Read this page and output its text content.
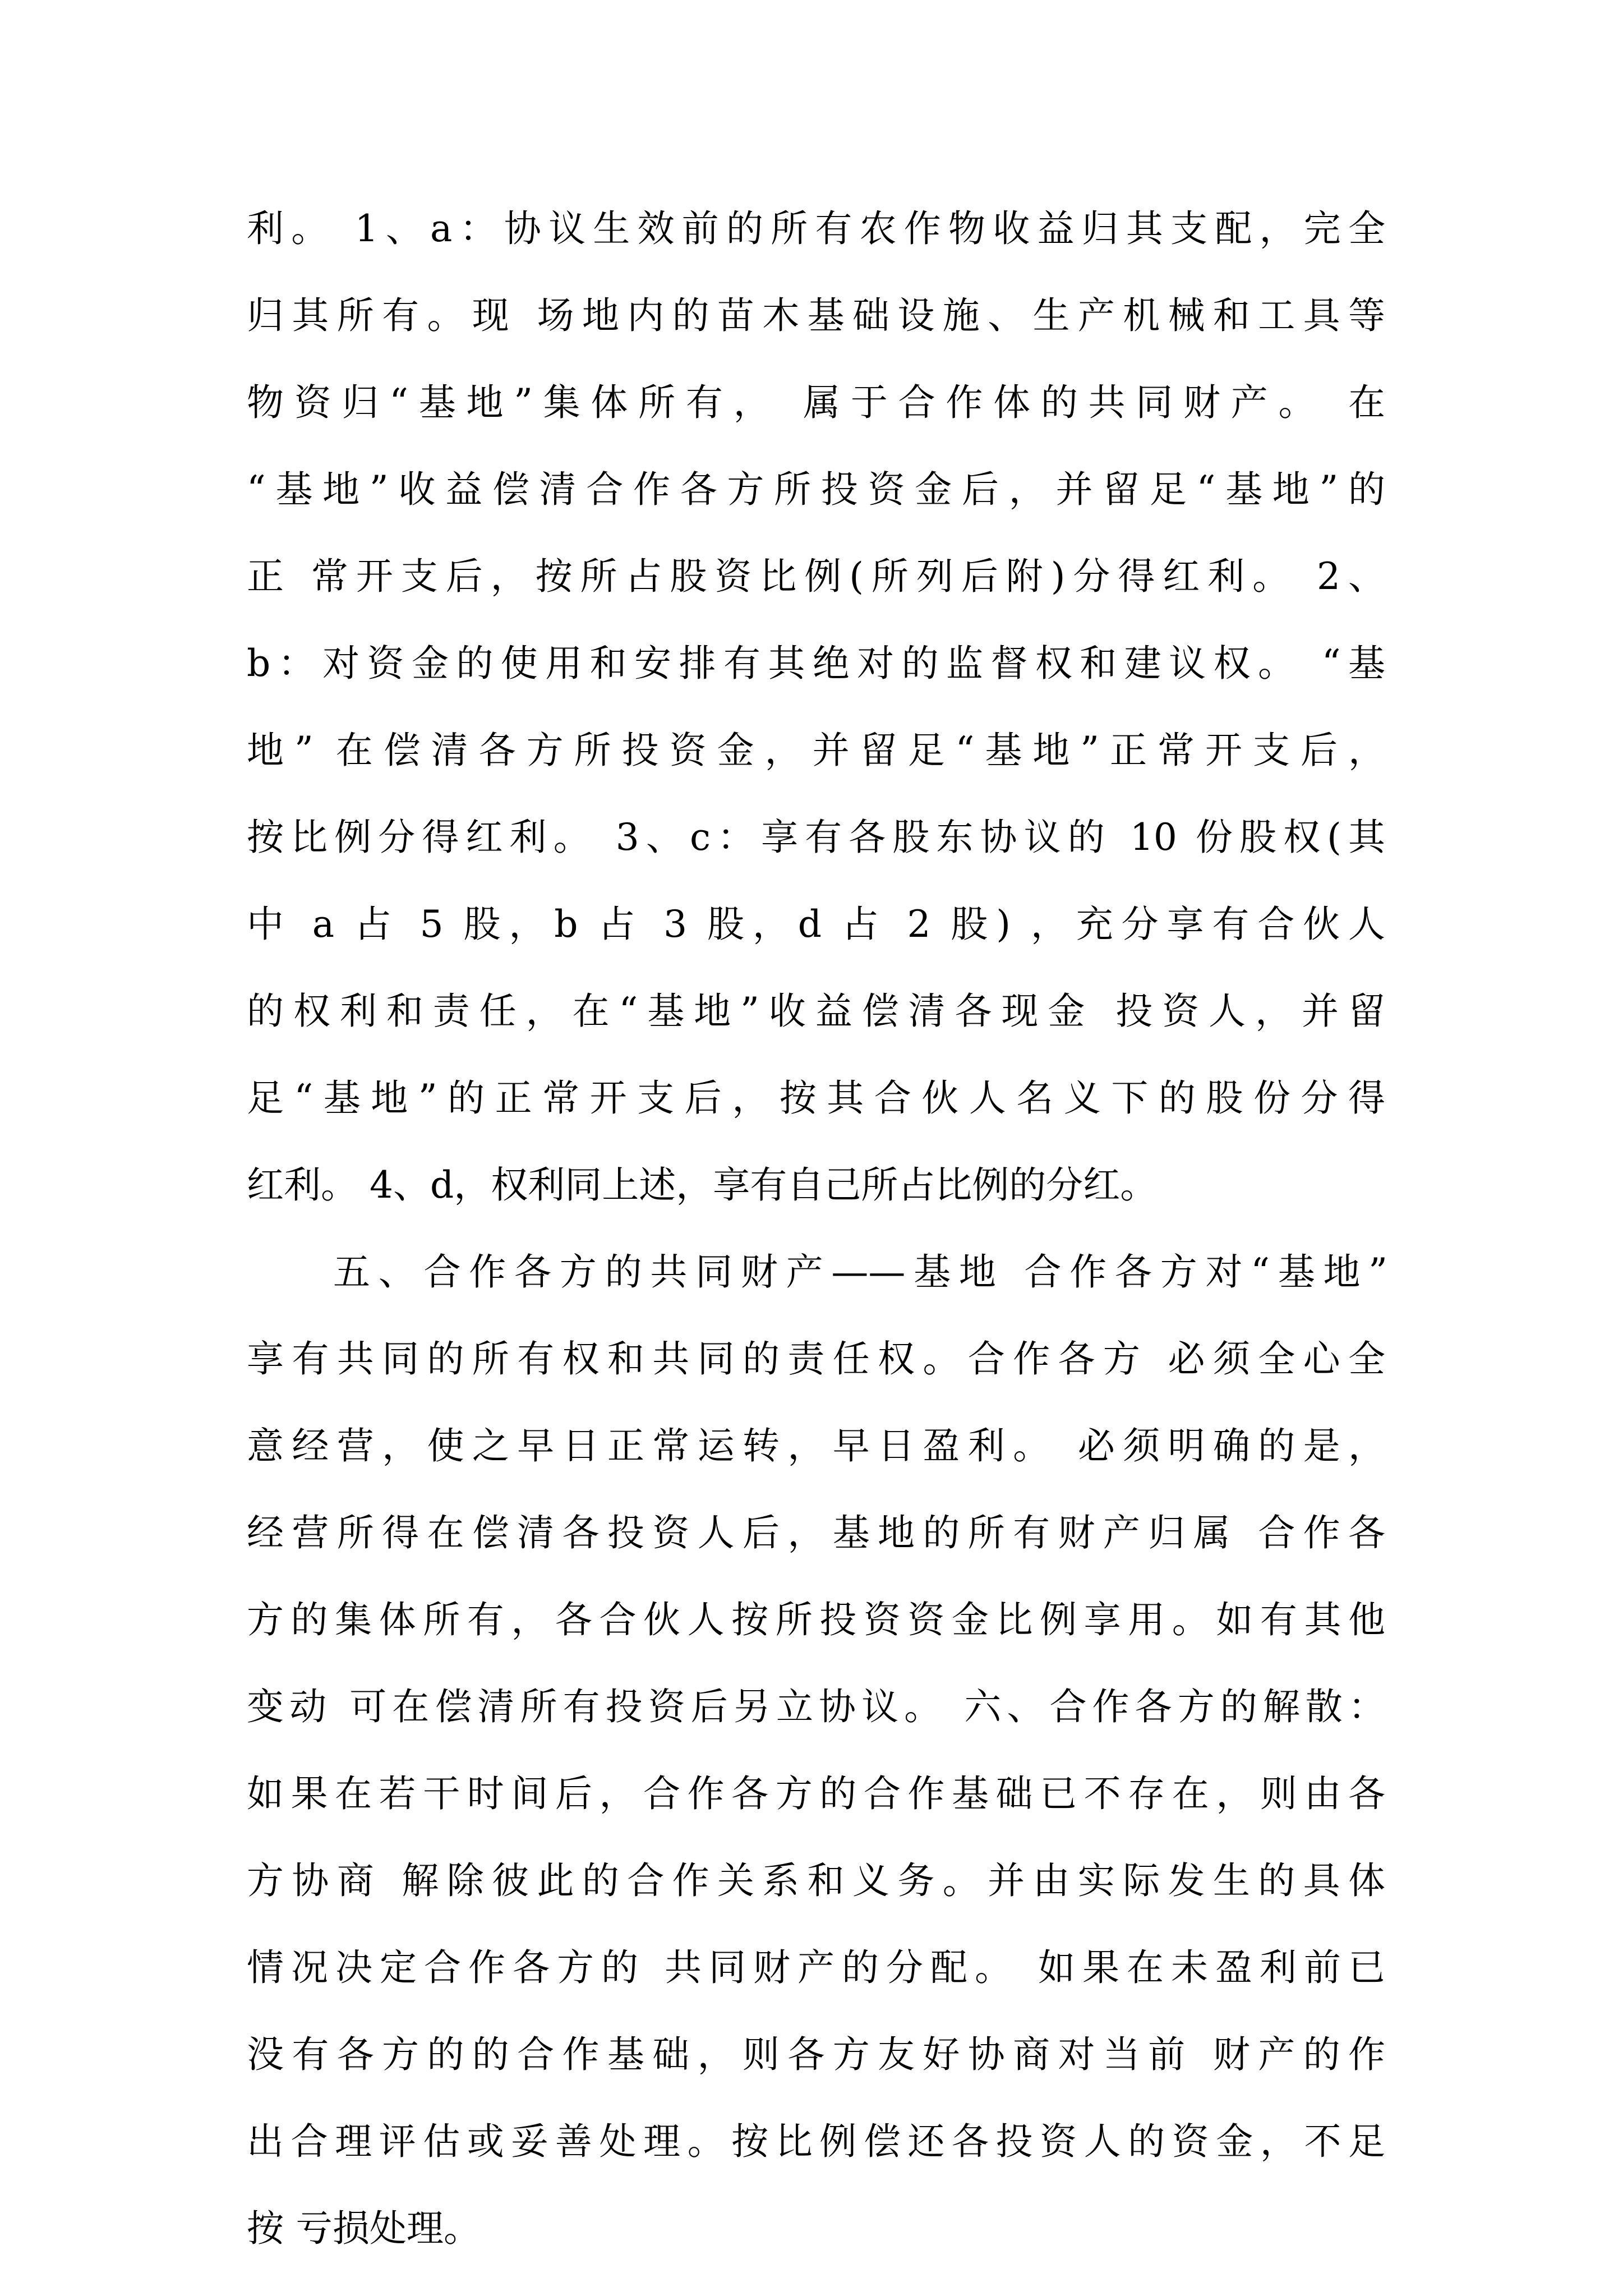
利。 1、a：协议生效前的所有农作物收益归其支配，完全
归其所有。现 场地内的苗木基础设施、生产机械和工具等
物资归“基地”集体所有， 属于合作体的共同财产。 在
“基地”收益偿清合作各方所投资金后，并留足“基地”的
正 常开支后，按所占股资比例(所列后附)分得红利。 2、
b：对资金的使用和安排有其绝对的监督权和建议权。 “基
地” 在偿清各方所投资金，并留足“基地”正常开支后，
按比例分得红利。 3、c：享有各股东协议的 10 份股权(其
中 a 占 5 股，b 占 3 股，d 占 2 股) ，充分享有合伙人
的权利和责任，在“基地”收益偿清各现金 投资人，并留
足“基地”的正常开支后，按其合伙人名义下的股份分得
红利。 4、d，权利同上述，享有自己所占比例的分红。
五、合作各方的共同财产——基地 合作各方对“基地”
享有共同的所有权和共同的责任权。合作各方 必须全心全
意经营，使之早日正常运转，早日盈利。 必须明确的是，
经营所得在偿清各投资人后，基地的所有财产归属 合作各
方的集体所有，各合伙人按所投资资金比例享用。如有其他
变动 可在偿清所有投资后另立协议。 六、合作各方的解散：
如果在若干时间后，合作各方的合作基础已不存在，则由各
方协商 解除彼此的合作关系和义务。并由实际发生的具体
情况决定合作各方的 共同财产的分配。 如果在未盈利前已
没有各方的的合作基础，则各方友好协商对当前 财产的作
出合理评估或妥善处理。按比例偿还各投资人的资金，不足
按 亏损处理。
